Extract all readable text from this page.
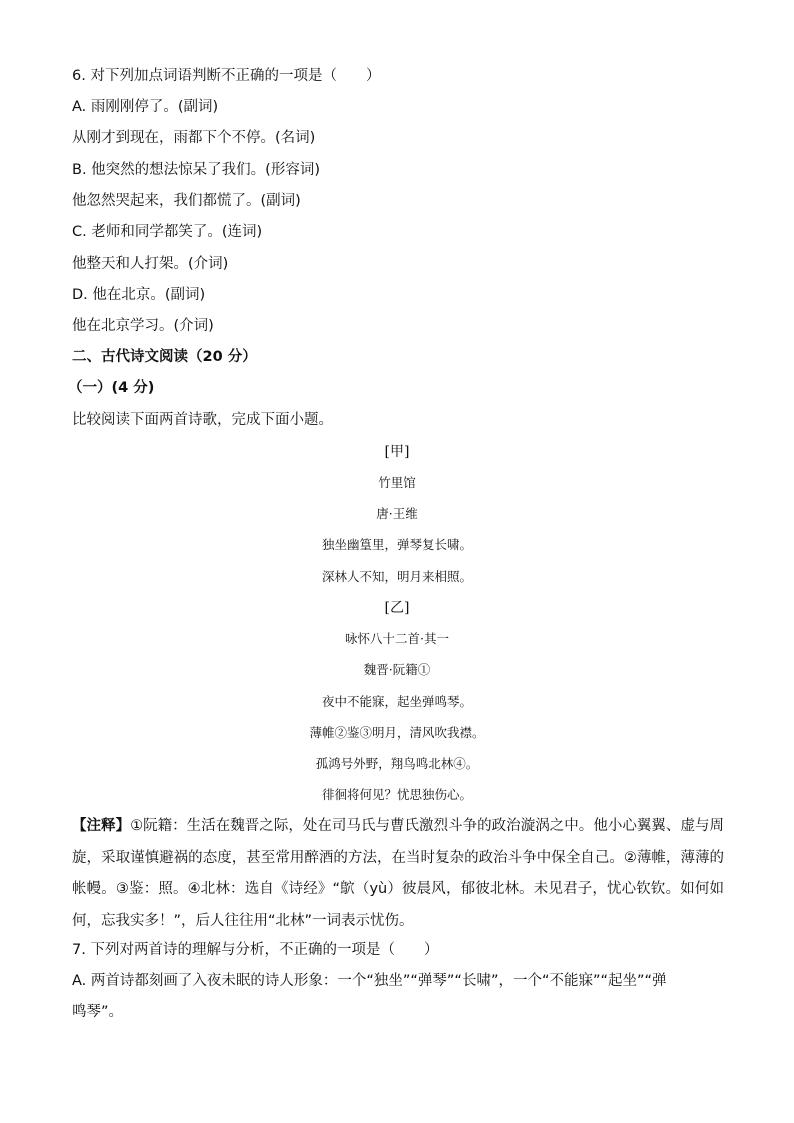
6. 对下列加点词语判断不正确的一项是（　　）
A. 雨刚刚停了。(副词)
从刚才到现在，雨都下个不停。(名词)
B. 他突然的想法惊呆了我们。(形容词)
他忽然哭起来，我们都慌了。(副词)
C. 老师和同学都笑了。(连词)
他整天和人打架。(介词)
D. 他在北京。(副词)
他在北京学习。(介词)
二、古代诗文阅读（20 分）
（一）(4 分)
比较阅读下面两首诗歌，完成下面小题。
[甲]
竹里馆
唐·王维
独坐幽篁里，弹琴复长啸。
深林人不知，明月来相照。
[乙]
咏怀八十二首·其一
魏晋·阮籍①
夜中不能寐，起坐弹鸣琴。
薄帷②鉴③明月，清风吹我襟。
孤鸿号外野，翔鸟鸣北林④。
徘徊将何见？忧思独伤心。
【注释】①阮籍：生活在魏晋之际，处在司马氏与曹氏激烈斗争的政治漩涡之中。他小心翼翼、虚与周旋，采取谨慎避祸的态度，甚至常用醉酒的方法，在当时复杂的政治斗争中保全自己。②薄帷，薄薄的帐幔。③鉴：照。④北林：选自《诗经》“鴥（yù）彼晨风，郁彼北林。未见君子，忧心钦钦。如何如何，忘我实多！”，后人往往用“北林”一词表示忧伤。
7. 下列对两首诗的理解与分析，不正确的一项是（　　）
A. 两首诗都刻画了入夜未眠的诗人形象：一个“独坐”“弹琴”“长啸”，一个“不能寐”“起坐”“弹
鸣琴”。
